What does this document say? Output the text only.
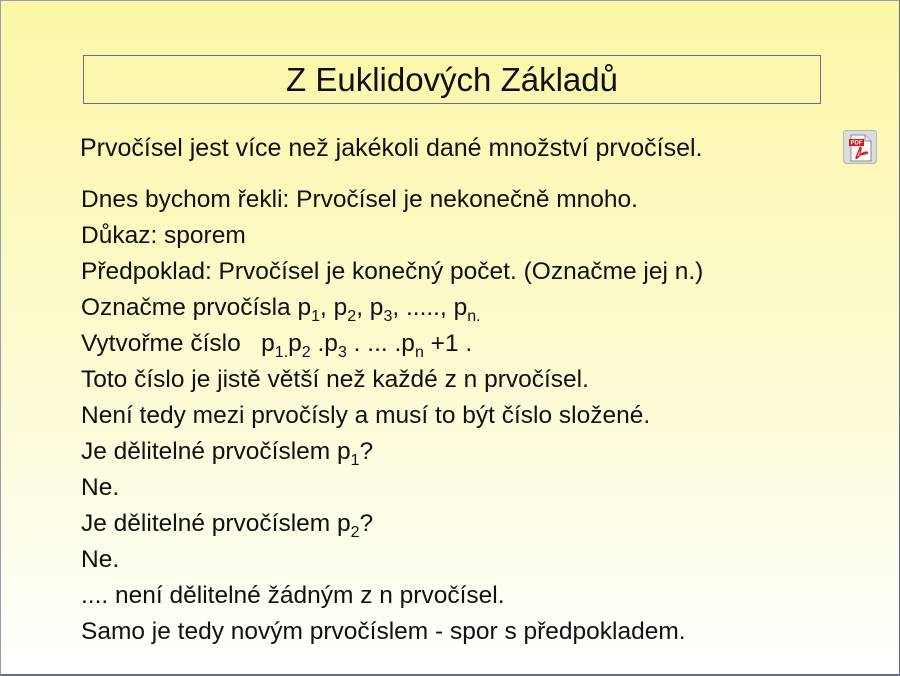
Z Euklidových Základů
Prvočísel jest více než jakékoli dané množství prvočísel.	PDF
Dnes bychom řekli: Prvočísel je nekonečně mnoho.
Důkaz: sporem
Předpoklad: Prvočísel je konečný počet. (Označme jej n.)
Označme prvočísla $p_1$, $p_2$, $p_3$, ....., $p_{n.}$
Vytvořme číslo   $p_{1.}p_2$ $.p_3$ . ... $.p_n +1$ .
Toto číslo je jistě větší než každé z n prvočísel.
Není tedy mezi prvočísly a musí to být číslo složené.
Je dělitelné prvočíslem $p_1$?
Ne.
Je dělitelné prvočíslem $p_2$?
Ne.
.... není dělitelné žádným z n prvočísel.
Samo je tedy novým prvočíslem - spor s předpokladem.
